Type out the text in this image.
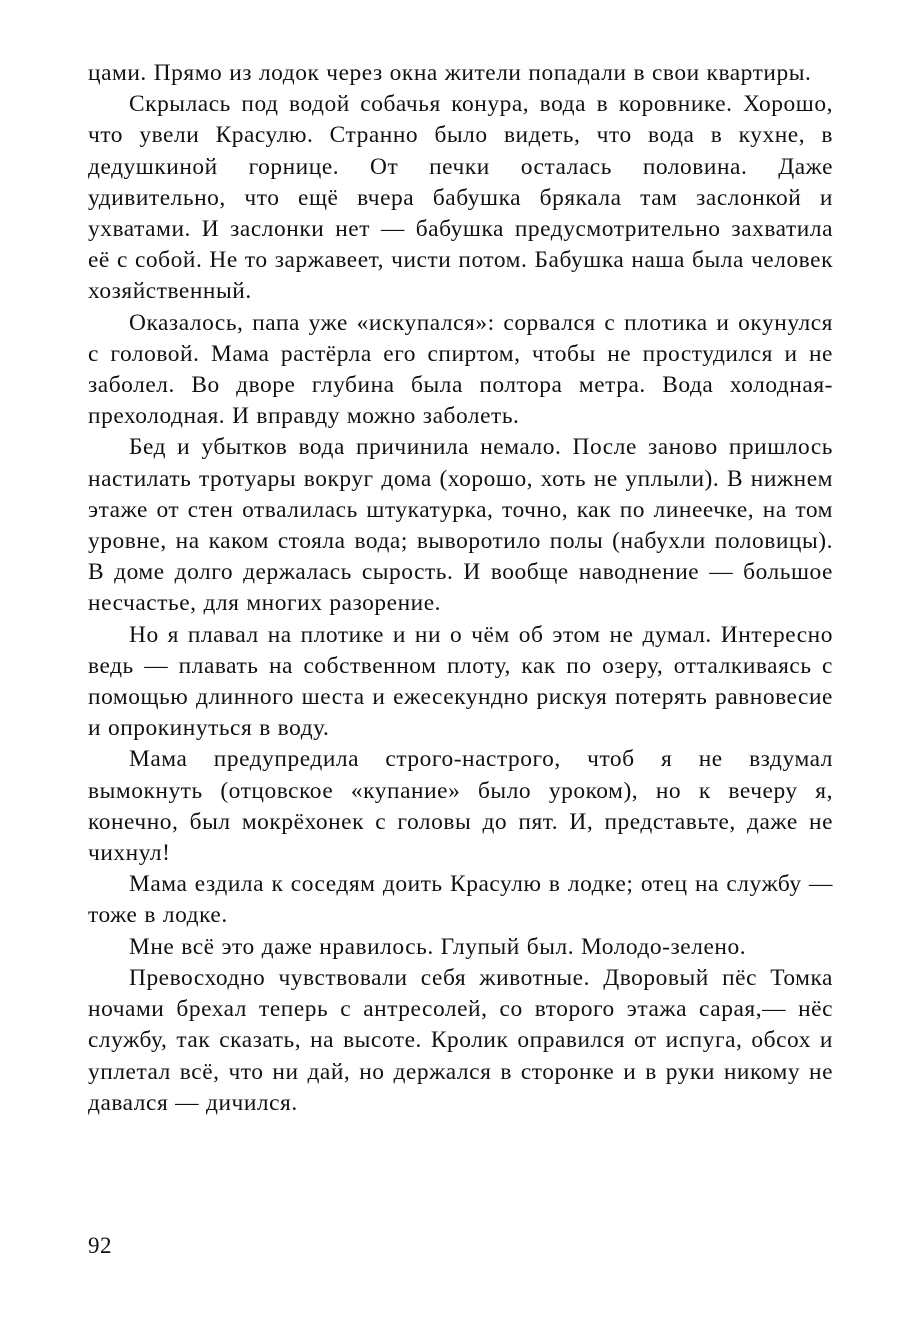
цами. Прямо из лодок через окна жители попадали в свои квартиры.

Скрылась под водой собачья конура, вода в коровнике. Хорошо, что увели Красулю. Странно было видеть, что вода в кухне, в дедушкиной горнице. От печки осталась половина. Даже удивительно, что ещё вчера бабушка брякала там заслонкой и ухватами. И заслонки нет — бабушка предусмотрительно захватила её с собой. Не то заржавеет, чисти потом. Бабушка наша была человек хозяйственный.

Оказалось, папа уже «искупался»: сорвался с плотика и окунулся с головой. Мама растёрла его спиртом, чтобы не простудился и не заболел. Во дворе глубина была полтора метра. Вода холодная-прехолодная. И вправду можно заболеть.

Бед и убытков вода причинила немало. После заново пришлось настилать тротуары вокруг дома (хорошо, хоть не уплыли). В нижнем этаже от стен отвалилась штукатурка, точно, как по линеечке, на том уровне, на каком стояла вода; выворотило полы (набухли половицы). В доме долго держалась сырость. И вообще наводнение — большое несчастье, для многих разорение.

Но я плавал на плотике и ни о чём об этом не думал. Интересно ведь — плавать на собственном плоту, как по озеру, отталкиваясь с помощью длинного шеста и ежесекундно рискуя потерять равновесие и опрокинуться в воду.

Мама предупредила строго-настрого, чтоб я не вздумал вымокнуть (отцовское «купание» было уроком), но к вечеру я, конечно, был мокрёхонек с головы до пят. И, представьте, даже не чихнул!

Мама ездила к соседям доить Красулю в лодке; отец на службу — тоже в лодке.

Мне всё это даже нравилось. Глупый был. Молодо-зелено.

Превосходно чувствовали себя животные. Дворовый пёс Томка ночами брехал теперь с антресолей, со второго этажа сарая,— нёс службу, так сказать, на высоте. Кролик оправился от испуга, обсох и уплетал всё, что ни дай, но держался в сторонке и в руки никому не давался — дичился.

92
